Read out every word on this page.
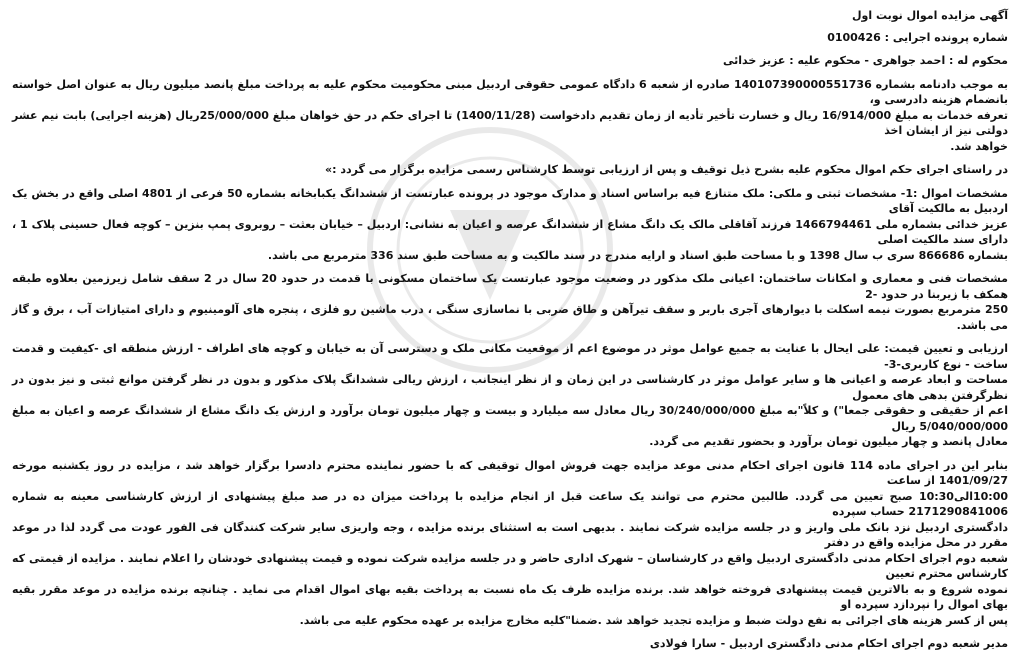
آگهی مزایده اموال نوبت اول
شماره پرونده اجرایی : 0100426
محکوم له : احمد جواهری - محکوم علیه : عزیز خدائی
به موجب دادنامه بشماره 140107390000551736 صادره از شعبه 6 دادگاه عمومی حقوقی اردبیل مبنی محکومیت محکوم علیه به پرداخت مبلغ پانصد میلیون ریال به عنوان اصل خواسته بانضمام هزینه دادرسی و،
تعرفه خدمات به مبلغ 16/914/000 ریال و خسارت تأخیر تأدیه از زمان تقدیم دادخواست (1400/11/28) تا اجرای حکم در حق خواهان مبلغ 25/000/000ریال (هزینه اجرایی) بابت نیم عشر دولتی نیز از ایشان اخذ
خواهد شد.
در راستای اجرای حکم اموال محکوم علیه بشرح ذیل توقیف و پس از ارزیابی توسط کارشناس رسمی مزایده برگزار می گردد :»
مشخصات اموال :1- مشخصات ثبتی و ملکی: ملک متنازع فیه براساس اسناد و مدارک موجود در پرونده عبارتست از ششدانگ یکبابخانه بشماره 50 فرعی از 4801 اصلی واقع در بخش یک اردبیل به مالکیت آقای
عزیز خدائی بشماره ملی 1466794461 فرزند آقاقلی مالک یک دانگ مشاع از ششدانگ عرصه و اعیان به نشانی: اردبیل – خیابان بعثت – روبروی پمپ بنزین – کوچه فعال حسینی پلاک 1 ، دارای سند مالکیت اصلی
بشماره 866686 سری ب سال 1398 و با مساحت طبق اسناد و ارایه مندرج در سند مالکیت و به مساحت طبق سند 336 مترمربع می باشد.
مشخصات فنی و معماری و امکانات ساختمان: اعیانی ملک مذکور در وضعیت موجود عبارتست یک ساختمان مسکونی با قدمت در حدود 20 سال در 2 سقف شامل زیرزمین بعلاوه طبقه همکف با زیربنا در حدود -2
250 مترمربع بصورت نیمه اسکلت با دیوارهای آجری باربر و سقف تیرآهن و طاق ضربی با نماسازی سنگی ، درب ماشین رو فلزی ، پنجره های آلومینیوم و دارای امتیازات آب ، برق و گاز می باشد.
ارزیابی و تعیین قیمت: علی ایحال با عنایت به جمیع عوامل موثر در موضوع اعم از موقعیت مکانی ملک و دسترسی آن به خیابان و کوچه های اطراف - ارزش منطقه ای -کیفیت و قدمت ساخت - نوع کاربری-3-
مساحت و ابعاد عرصه و اعیانی ها و سایر عوامل موثر در کارشناسی در این زمان و از نظر اینجانب ، ارزش ریالی ششدانگ پلاک مذکور و بدون در نظر گرفتن موانع ثبتی و نیز بدون در نظرگرفتن بدهی های معمول
اعم از حقیقی و حقوقی جمعا") و کلاً"به مبلغ 30/240/000/000 ریال معادل سه میلیارد و بیست و چهار میلیون تومان برآورد و ارزش یک دانگ مشاع از ششدانگ عرصه و اعیان به مبلغ 5/040/000/000 ریال
معادل پانصد و چهار میلیون تومان برآورد و بحضور تقدیم می گردد.
بنابر این در اجرای ماده 114 قانون اجرای احکام مدنی موعد مزایده جهت فروش اموال توقیفی که با حضور نماینده محترم دادسرا برگزار خواهد شد ، مزایده در روز یکشنبه مورخه 1401/09/27 از ساعت
10:00الی10:30 صبح تعیین می گردد. طالبین محترم می توانند یک ساعت قبل از انجام مزایده با پرداخت میزان ده در صد مبلغ پیشنهادی از ارزش کارشناسی معینه به شماره 2171290841006 حساب سپرده
دادگستری اردبیل نزد بانک ملی واریز و در جلسه مزایده شرکت نمایند . بدیهی است به استثنای برنده مزایده ، وجه واریزی سایر شرکت کنندگان فی الفور عودت می گردد لذا در موعد مقرر در محل مزایده واقع در دفتر
شعبه دوم اجرای احکام مدنی دادگستری اردبیل واقع در کارشناسان – شهرک اداری حاضر و در جلسه مزایده شرکت نموده و قیمت پیشنهادی خودشان را اعلام نمایند . مزایده از قیمتی که کارشناس محترم تعیین
نموده شروع و به بالاترین قیمت پیشنهادی فروخته خواهد شد. برنده مزایده ظرف یک ماه نسبت به پرداخت بقیه بهای اموال اقدام می نماید . چنانچه برنده مزایده در موعد مقرر بقیه بهای اموال را نپردازد سپرده او
پس از کسر هزینه های اجرائی به نفع دولت ضبط و مزایده تجدید خواهد شد .ضمنا"کلیه مخارج مزایده بر عهده محکوم علیه می باشد.
مدیر شعبه دوم اجرای احکام مدنی دادگستری اردبیل - سارا فولادی
